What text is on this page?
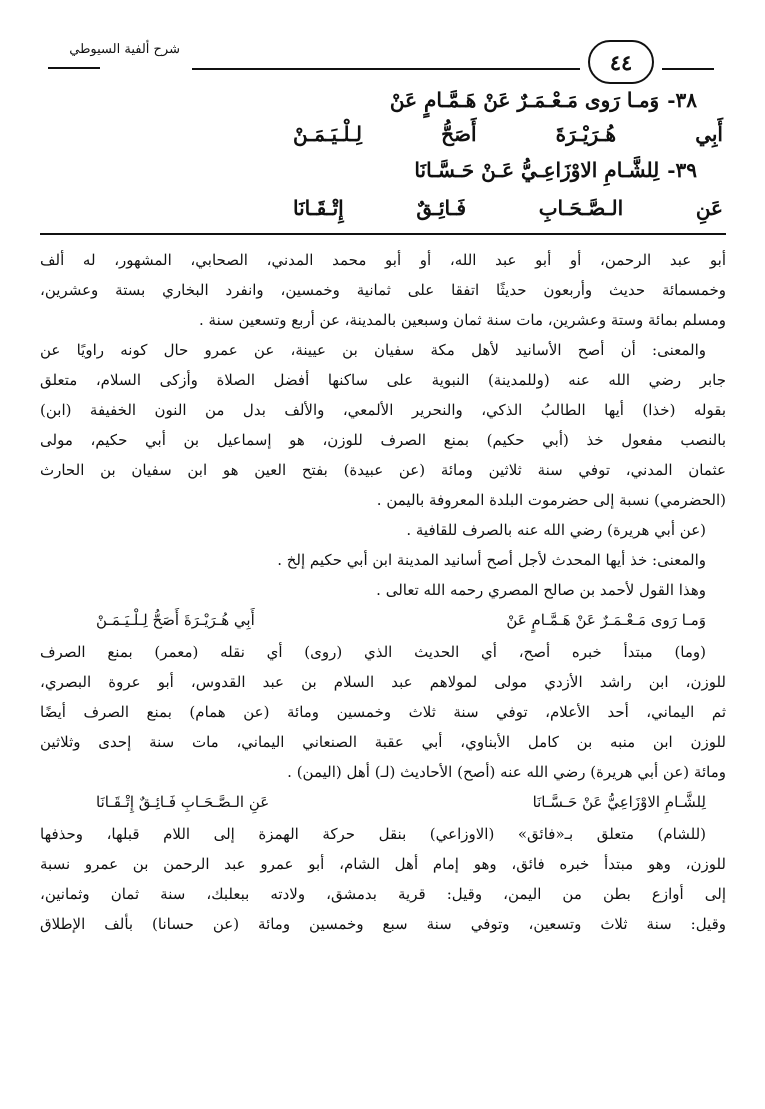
شرح ألفية السيوطي	٤٤
٣٨-وَمـا رَوى مَـعْـمَـرٌ عَنْ هَـمَّـامٍ عَنْ
أَبِي هُـرَيْـرَةَ أَصَحُّ لِـلْـيَـمَـنْ
٣٩-لِلشَّـامِ الاوْزَاعِـيُّ عَـنْ حَـسَّـانَا
عَنِ الـصَّـحَـابِ فَـائِـقٌ إِتْـقَـانَا
أبو عبد الرحمن، أو أبو عبد الله، أو أبو محمد المدني، الصحابي، المشهور، له ألف
وخمسمائة حديث وأربعون حديثًا اتفقا على ثمانية وخمسين، وانفرد البخاري بستة وعشرين،
ومسلم بمائة وستة وعشرين، مات سنة ثمان وسبعين بالمدينة، عن أربع وتسعين سنة .
والمعنى: أن أصح الأسانيد لأهل مكة سفيان بن عيينة، عن عمرو حال كونه راويًا عن
جابر رضي الله عنه (وللمدينة) النبوية على ساكنها أفضل الصلاة وأزكى السلام، متعلق
بقوله (خذا) أيها الطالبُ الذكي، والنحرير الألمعي، والألف بدل من النون الخفيفة (ابن)
بالنصب مفعول خذ (أبي حكيم) بمنع الصرف للوزن، هو إسماعيل بن أبي حكيم، مولى
عثمان المدني، توفي سنة ثلاثين ومائة (عن عبيدة) بفتح العين هو ابن سفيان بن الحارث
(الحضرمي) نسبة إلى حضرموت البلدة المعروفة باليمن .
(عن أبي هريرة) رضي الله عنه بالصرف للقافية .
والمعنى: خذ أيها المحدث لأجل أصح أسانيد المدينة ابن أبي حكيم إلخ .
وهذا القول لأحمد بن صالح المصري رحمه الله تعالى .
وَمـا رَوى مَـعْـمَـرٌ عَنْ هَـمَّـامٍ عَنْ
أَبِي هُـرَيْـرَةَ أَصَحُّ لِـلْـيَـمَـنْ
(وما) مبتدأ خبره أصح، أي الحديث الذي (روى) أي نقله (معمر) بمنع الصرف
للوزن، ابن راشد الأزدي مولى لمولاهم عبد السلام بن عبد القدوس، أبو عروة البصري،
ثم اليماني، أحد الأعلام، توفي سنة ثلاث وخمسين ومائة (عن همام) بمنع الصرف أيضًا
للوزن ابن منبه بن كامل الأبناوي، أبي عقبة الصنعاني اليماني، مات سنة إحدى وثلاثين
ومائة (عن أبي هريرة) رضي الله عنه (أصح) الأحاديث (لـ) أهل (اليمن) .
لِلشَّـامِ الاوْزَاعِيُّ عَنْ حَـسَّـانَا
عَنِ الـصَّـحَـابِ فَـائِـقٌ إِتْـقَـانَا
(للشام) متعلق بـ«فائق» (الاوزاعي) بنقل حركة الهمزة إلى اللام قبلها، وحذفها
للوزن، وهو مبتدأ خبره فائق، وهو إمام أهل الشام، أبو عمرو عبد الرحمن بن عمرو نسبة
إلى أوازع بطن من اليمن، وقيل: قرية بدمشق، ولادته ببعلبك، سنة ثمان وثمانين،
وقيل: سنة ثلاث وتسعين، وتوفي سنة سبع وخمسين ومائة (عن حسانا) بألف الإطلاق
